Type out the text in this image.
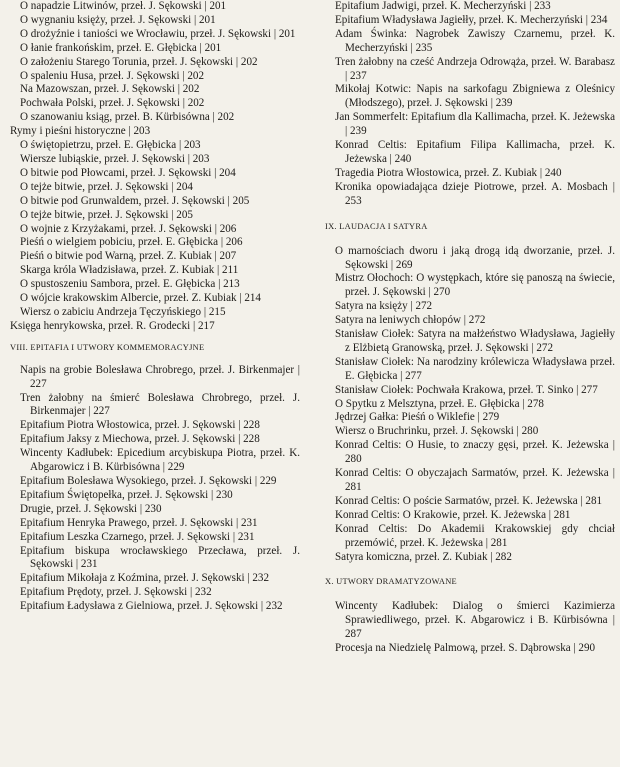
O napadzie Litwinów, przeł. J. Sękowski | 201

O wygnaniu księży, przeł. J. Sękowski | 201

O drożyźnie i taniości we Wrocławiu, przeł. J. Sękowski | 201

O łanie frankońskim, przeł. E. Głębicka | 201

O założeniu Starego Torunia, przeł. J. Sękowski | 202

O spaleniu Husa, przeł. J. Sękowski | 202

Na Mazowszan, przeł. J. Sękowski | 202

Pochwała Polski, przeł. J. Sękowski | 202

O szanowaniu ksiąg, przeł. B. Kürbisówna | 202

Rymy i pieśni historyczne | 203

O świętopietrzu, przeł. E. Głębicka | 203

Wiersze lubiąskie, przeł. J. Sękowski | 203

O bitwie pod Płowcami, przeł. J. Sękowski | 204

O tejże bitwie, przeł. J. Sękowski | 204

O bitwie pod Grunwaldem, przeł. J. Sękowski | 205

O tejże bitwie, przeł. J. Sękowski | 205

O wojnie z Krzyżakami, przeł. J. Sękowski | 206

Pieśń o wielgiem pobiciu, przeł. E. Głębicka | 206

Pieśń o bitwie pod Warną, przeł. Z. Kubiak | 207

Skarga króla Władzisława, przeł. Z. Kubiak | 211

O spustoszeniu Sambora, przeł. E. Głębicka | 213

O wójcie krakowskim Albercie, przeł. Z. Kubiak | 214

Wiersz o zabiciu Andrzeja Tęczyńskiego | 215

Księga henrykowska, przeł. R. Grodecki | 217

VIII. EPITAFIA I UTWORY KOMMEMORACYJNE

Napis na grobie Bolesława Chrobrego, przeł. J. Birkenmajer | 227

Tren żałobny na śmierć Bolesława Chrobrego, przeł. J. Birkenmajer | 227

Epitafium Piotra Włostowica, przeł. J. Sękowski | 228

Epitafium Jaksy z Miechowa, przeł. J. Sękowski | 228

Wincenty Kadłubek: Epicedium arcybiskupa Piotra, przeł. K. Abgarowicz i B. Kürbisówna | 229

Epitafium Bolesława Wysokiego, przeł. J. Sękowski | 229

Epitafium Świętopełka, przeł. J. Sękowski | 230

Drugie, przeł. J. Sękowski | 230

Epitafium Henryka Prawego, przeł. J. Sękowski | 231

Epitafium Leszka Czarnego, przeł. J. Sękowski | 231

Epitafium biskupa wrocławskiego Przecława, przeł. J. Sękowski | 231

Epitafium Mikołaja z Koźmina, przeł. J. Sękowski | 232

Epitafium Prędoty, przeł. J. Sękowski | 232

Epitafium Ładysława z Gielniowa, przeł. J. Sękowski | 232

Epitafium Jadwigi, przeł. K. Mecherzyński | 233

Epitafium Władysława Jagiełły, przeł. K. Mecherzyński | 234

Adam Świnka: Nagrobek Zawiszy Czarnemu, przeł. K. Mecherzyński | 235

Tren żałobny na cześć Andrzeja Odrowąża, przeł. W. Barabasz | 237

Mikołaj Kotwic: Napis na sarkofagu Zbigniewa z Oleśnicy (Młodszego), przeł. J. Sękowski | 239

Jan Sommerfelt: Epitafium dla Kallimacha, przeł. K. Jeżewska | 239

Konrad Celtis: Epitafium Filipa Kallimacha, przeł. K. Jeżewska | 240

Tragedia Piotra Włostowica, przeł. Z. Kubiak | 240

Kronika opowiadająca dzieje Piotrowe, przeł. A. Mosbach | 253

IX. LAUDACJA I SATYRA

O marnościach dworu i jaką drogą idą dworzanie, przeł. J. Sękowski | 269

Mistrz Ołochoch: O występkach, które się panoszą na świecie, przeł. J. Sękowski | 270

Satyra na księży | 272

Satyra na leniwych chłopów | 272

Stanisław Ciołek: Satyra na małżeństwo Władysława, Jagiełły z Elżbietą Granowską, przeł. J. Sękowski | 272

Stanisław Ciołek: Na narodziny królewicza Władysława przeł. E. Głębicka | 277

Stanisław Ciołek: Pochwała Krakowa, przeł. T. Sinko | 277

O Spytku z Melsztyna, przeł. E. Głębicka | 278

Jędrzej Gałka: Pieśń o Wiklefie | 279

Wiersz o Bruchrinku, przeł. J. Sękowski | 280

Konrad Celtis: O Husie, to znaczy gęsi, przeł. K. Jeżewska | 280

Konrad Celtis: O obyczajach Sarmatów, przeł. K. Jeżewska | 281

Konrad Celtis: O poście Sarmatów, przeł. K. Jeżewska | 281

Konrad Celtis: O Krakowie, przeł. K. Jeżewska | 281

Konrad Celtis: Do Akademii Krakowskiej gdy chciał przemówić, przeł. K. Jeżewska | 281

Satyra komiczna, przeł. Z. Kubiak | 282

X. UTWORY DRAMATYZOWANE

Wincenty Kadłubek: Dialog o śmierci Kazimierza Sprawiedliwego, przeł. K. Abgarowicz i B. Kürbisówna | 287

Procesja na Niedzielę Palmową, przeł. S. Dąbrowska | 290
